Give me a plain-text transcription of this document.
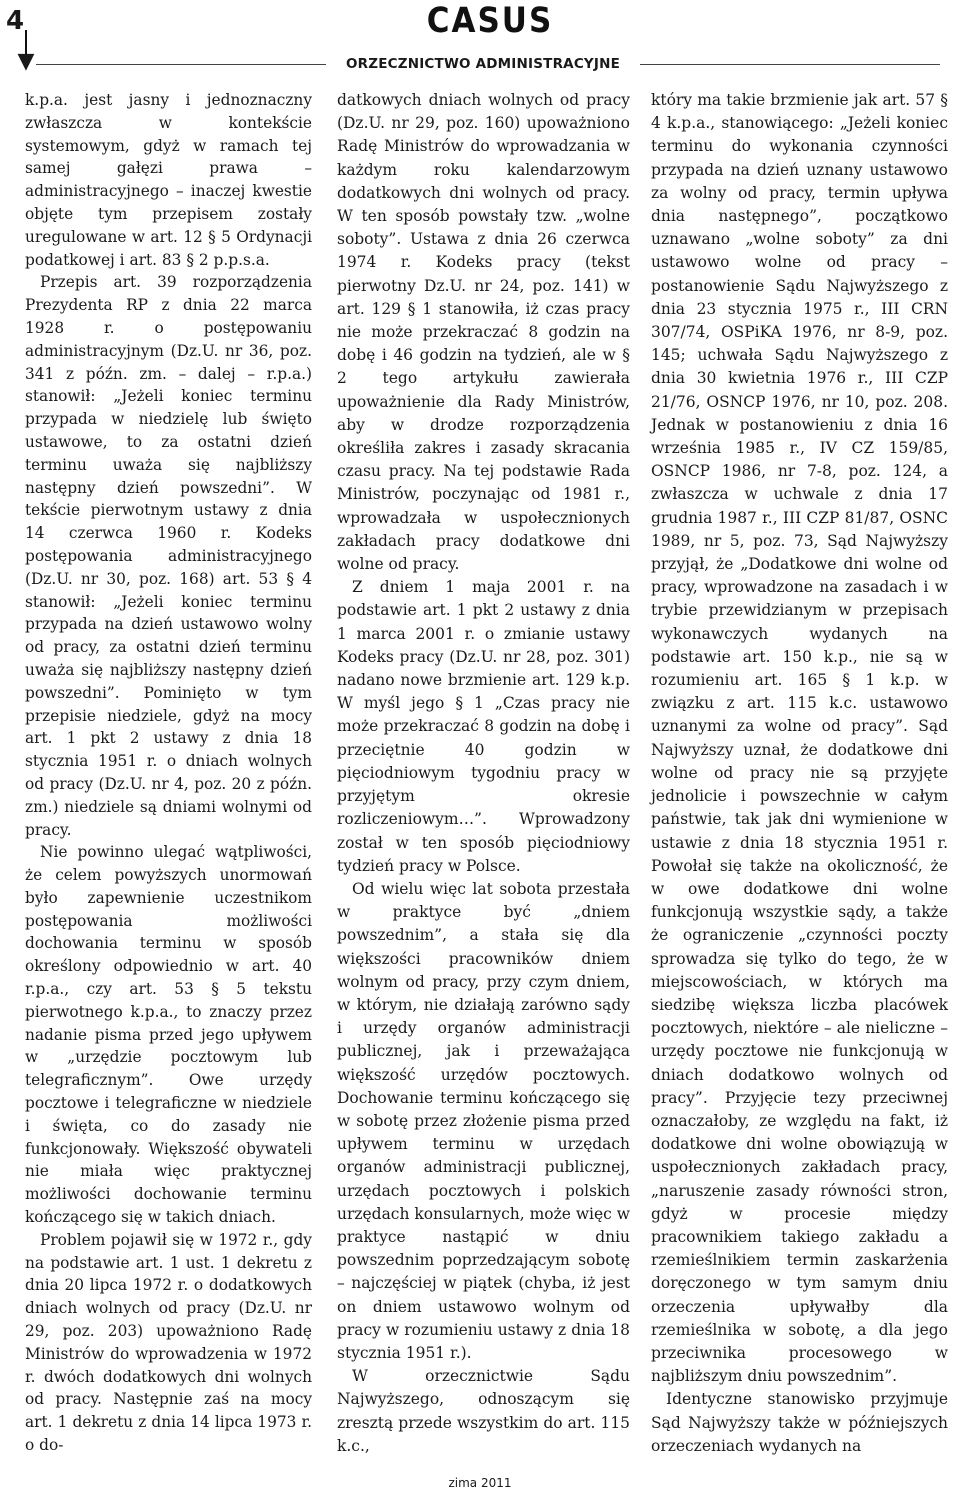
4
▼
CASUS
ORZECZNICTWO ADMINISTRACYJNE

k.p.a. jest jasny i jednoznaczny zwłaszcza w kontekście systemowym, gdyż w ramach tej samej gałęzi prawa – administracyjnego – inaczej kwestie objęte tym przepisem zostały uregulowane w art. 12 § 5 Ordynacji podatkowej i art. 83 § 2 p.p.s.a.

Przepis art. 39 rozporządzenia Prezydenta RP z dnia 22 marca 1928 r. o postępowaniu administracyjnym (Dz.U. nr 36, poz. 341 z późn. zm. – dalej – r.p.a.) stanowił: „Jeżeli koniec terminu przypada w niedzielę lub święto ustawowe, to za ostatni dzień terminu uważa się najbliższy następny dzień powszedni”. W tekście pierwotnym ustawy z dnia 14 czerwca 1960 r. Kodeks postępowania administracyjnego (Dz.U. nr 30, poz. 168) art. 53 § 4 stanowił: „Jeżeli koniec terminu przypada na dzień ustawowo wolny od pracy, za ostatni dzień terminu uważa się najbliższy następny dzień powszedni”. Pominięto w tym przepisie niedziele, gdyż na mocy art. 1 pkt 2 ustawy z dnia 18 stycznia 1951 r. o dniach wolnych od pracy (Dz.U. nr 4, poz. 20 z późn. zm.) niedziele są dniami wolnymi od pracy.

Nie powinno ulegać wątpliwości, że celem powyższych unormowań było zapewnienie uczestnikom postępowania możliwości dochowania terminu w sposób określony odpowiednio w art. 40 r.p.a., czy art. 53 § 5 tekstu pierwotnego k.p.a., to znaczy przez nadanie pisma przed jego upływem w „urzędzie pocztowym lub telegraficznym”. Owe urzędy pocztowe i telegraficzne w niedziele i święta, co do zasady nie funkcjonowały. Większość obywateli nie miała więc praktycznej możliwości dochowanie terminu kończącego się w takich dniach.

Problem pojawił się w 1972 r., gdy na podstawie art. 1 ust. 1 dekretu z dnia 20 lipca 1972 r. o dodatkowych dniach wolnych od pracy (Dz.U. nr 29, poz. 203) upoważniono Radę Ministrów do wprowadzenia w 1972 r. dwóch dodatkowych dni wolnych od pracy. Następnie zaś na mocy art. 1 dekretu z dnia 14 lipca 1973 r. o do-

datkowych dniach wolnych od pracy (Dz.U. nr 29, poz. 160) upoważniono Radę Ministrów do wprowadzania w każdym roku kalendarzowym dodatkowych dni wolnych od pracy. W ten sposób powstały tzw. „wolne soboty”. Ustawa z dnia 26 czerwca 1974 r. Kodeks pracy (tekst pierwotny Dz.U. nr 24, poz. 141) w art. 129 § 1 stanowiła, iż czas pracy nie może przekraczać 8 godzin na dobę i 46 godzin na tydzień, ale w § 2 tego artykułu zawierała upoważnienie dla Rady Ministrów, aby w drodze rozporządzenia określiła zakres i zasady skracania czasu pracy. Na tej podstawie Rada Ministrów, poczynając od 1981 r., wprowadzała w uspołecznionych zakładach pracy dodatkowe dni wolne od pracy.

Z dniem 1 maja 2001 r. na podstawie art. 1 pkt 2 ustawy z dnia 1 marca 2001 r. o zmianie ustawy Kodeks pracy (Dz.U. nr 28, poz. 301) nadano nowe brzmienie art. 129 k.p. W myśl jego § 1 „Czas pracy nie może przekraczać 8 godzin na dobę i przeciętnie 40 godzin w pięciodniowym tygodniu pracy w przyjętym okresie rozliczeniowym…”. Wprowadzony został w ten sposób pięciodniowy tydzień pracy w Polsce.

Od wielu więc lat sobota przestała w praktyce być „dniem powszednim”, a stała się dla większości pracowników dniem wolnym od pracy, przy czym dniem, w którym, nie działają zarówno sądy i urzędy organów administracji publicznej, jak i przeważająca większość urzędów pocztowych. Dochowanie terminu kończącego się w sobotę przez złożenie pisma przed upływem terminu w urzędach organów administracji publicznej, urzędach pocztowych i polskich urzędach konsularnych, może więc w praktyce nastąpić w dniu powszednim poprzedzającym sobotę – najczęściej w piątek (chyba, iż jest on dniem ustawowo wolnym od pracy w rozumieniu ustawy z dnia 18 stycznia 1951 r.).

W orzecznictwie Sądu Najwyższego, odnoszącym się zresztą przede wszystkim do art. 115 k.c.,

który ma takie brzmienie jak art. 57 § 4 k.p.a., stanowiącego: „Jeżeli koniec terminu do wykonania czynności przypada na dzień uznany ustawowo za wolny od pracy, termin upływa dnia następnego”, początkowo uznawano „wolne soboty” za dni ustawowo wolne od pracy – postanowienie Sądu Najwyższego z dnia 23 stycznia 1975 r., III CRN 307/74, OSPiKA 1976, nr 8-9, poz. 145; uchwała Sądu Najwyższego z dnia 30 kwietnia 1976 r., III CZP 21/76, OSNCP 1976, nr 10, poz. 208. Jednak w postanowieniu z dnia 16 września 1985 r., IV CZ 159/85, OSNCP 1986, nr 7-8, poz. 124, a zwłaszcza w uchwale z dnia 17 grudnia 1987 r., III CZP 81/87, OSNC 1989, nr 5, poz. 73, Sąd Najwyższy przyjął, że „Dodatkowe dni wolne od pracy, wprowadzone na zasadach i w trybie przewidzianym w przepisach wykonawczych wydanych na podstawie art. 150 k.p., nie są w rozumieniu art. 165 § 1 k.p. w związku z art. 115 k.c. ustawowo uznanymi za wolne od pracy”. Sąd Najwyższy uznał, że dodatkowe dni wolne od pracy nie są przyjęte jednolicie i powszechnie w całym państwie, tak jak dni wymienione w ustawie z dnia 18 stycznia 1951 r. Powołał się także na okoliczność, że w owe dodatkowe dni wolne funkcjonują wszystkie sądy, a także że ograniczenie „czynności poczty sprowadza się tylko do tego, że w miejscowościach, w których ma siedzibę większa liczba placówek pocztowych, niektóre – ale nieliczne – urzędy pocztowe nie funkcjonują w dniach dodatkowo wolnych od pracy”. Przyjęcie tezy przeciwnej oznaczałoby, ze względu na fakt, iż dodatkowe dni wolne obowiązują w uspołecznionych zakładach pracy, „naruszenie zasady równości stron, gdyż w procesie między pracownikiem takiego zakładu a rzemieślnikiem termin zaskarżenia doręczonego w tym samym dniu orzeczenia upływałby dla rzemieślnika w sobotę, a dla jego przeciwnika procesowego w najbliższym dniu powszednim”.

Identyczne stanowisko przyjmuje Sąd Najwyższy także w późniejszych orzeczeniach wydanych na

zima 2011
